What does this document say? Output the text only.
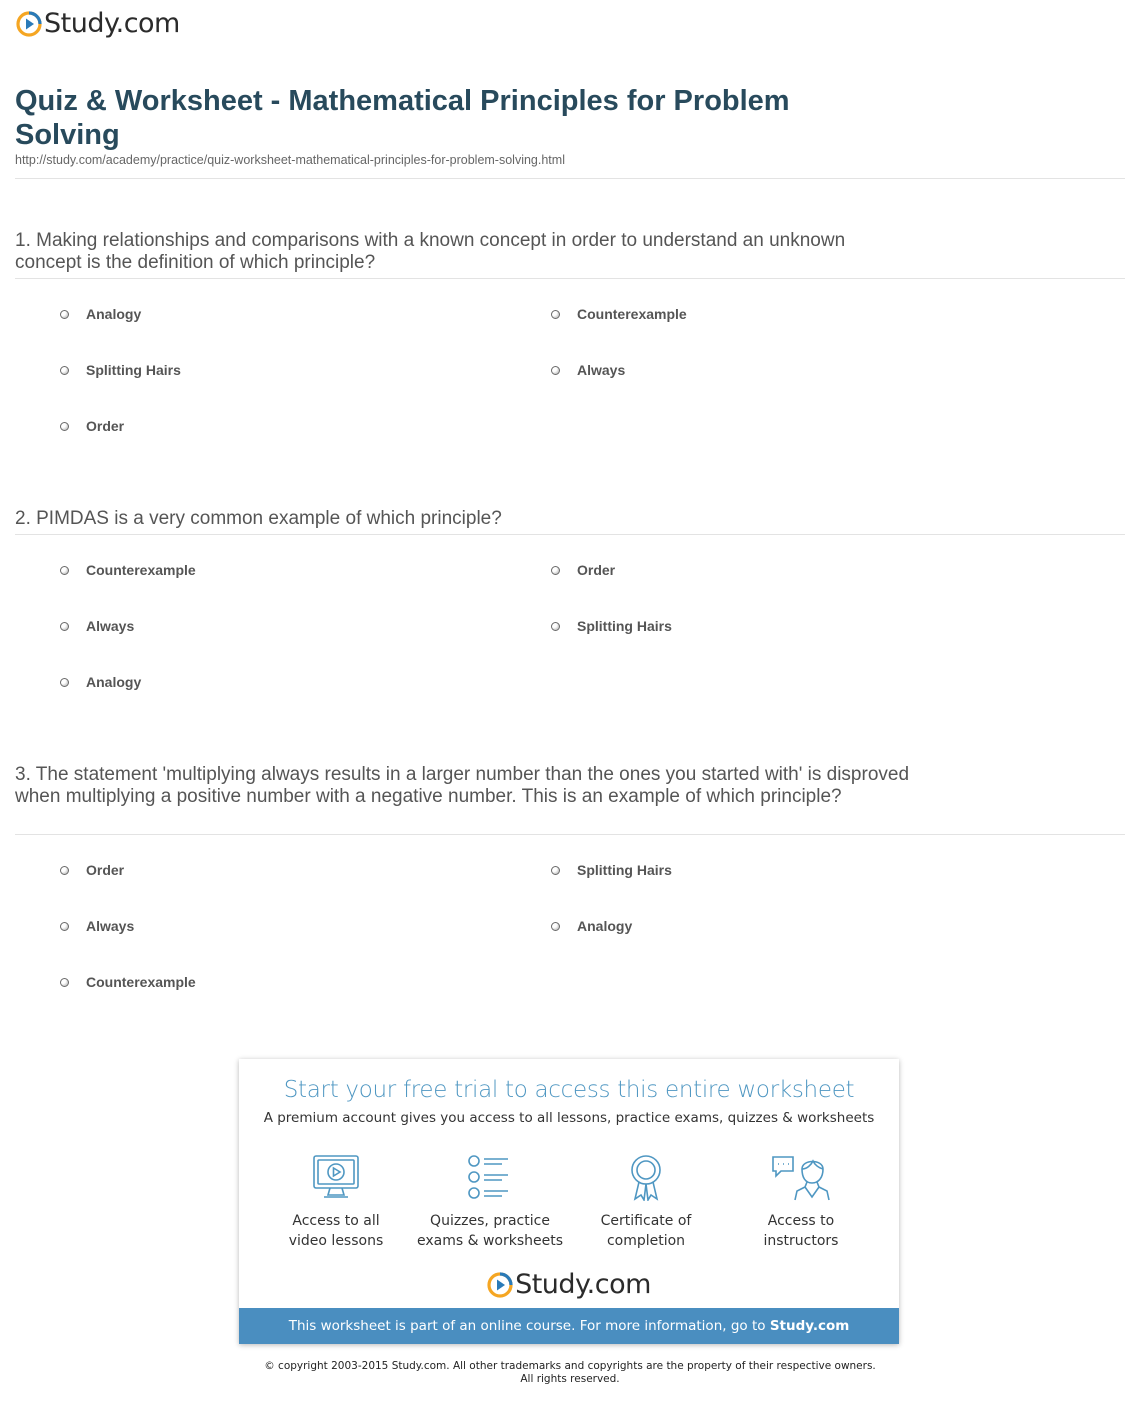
Study.com
Quiz & Worksheet - Mathematical Principles for Problem Solving
http://study.com/academy/practice/quiz-worksheet-mathematical-principles-for-problem-solving.html
1. Making relationships and comparisons with a known concept in order to understand an unknown concept is the definition of which principle?
Analogy	Counterexample
Splitting Hairs	Always
Order
2. PIMDAS is a very common example of which principle?
Counterexample	Order
Always	Splitting Hairs
Analogy
3. The statement 'multiplying always results in a larger number than the ones you started with' is disproved when multiplying a positive number with a negative number. This is an example of which principle?
Order	Splitting Hairs
Always	Analogy
Counterexample
Start your free trial to access this entire worksheet
A premium account gives you access to all lessons, practice exams, quizzes & worksheets
Access to all
video lessons
Quizzes, practice
exams & worksheets
Certificate of
completion
Access to
instructors
Study.com
This worksheet is part of an online course. For more information, go to Study.com
© copyright 2003-2015 Study.com. All other trademarks and copyrights are the property of their respective owners.
All rights reserved.
